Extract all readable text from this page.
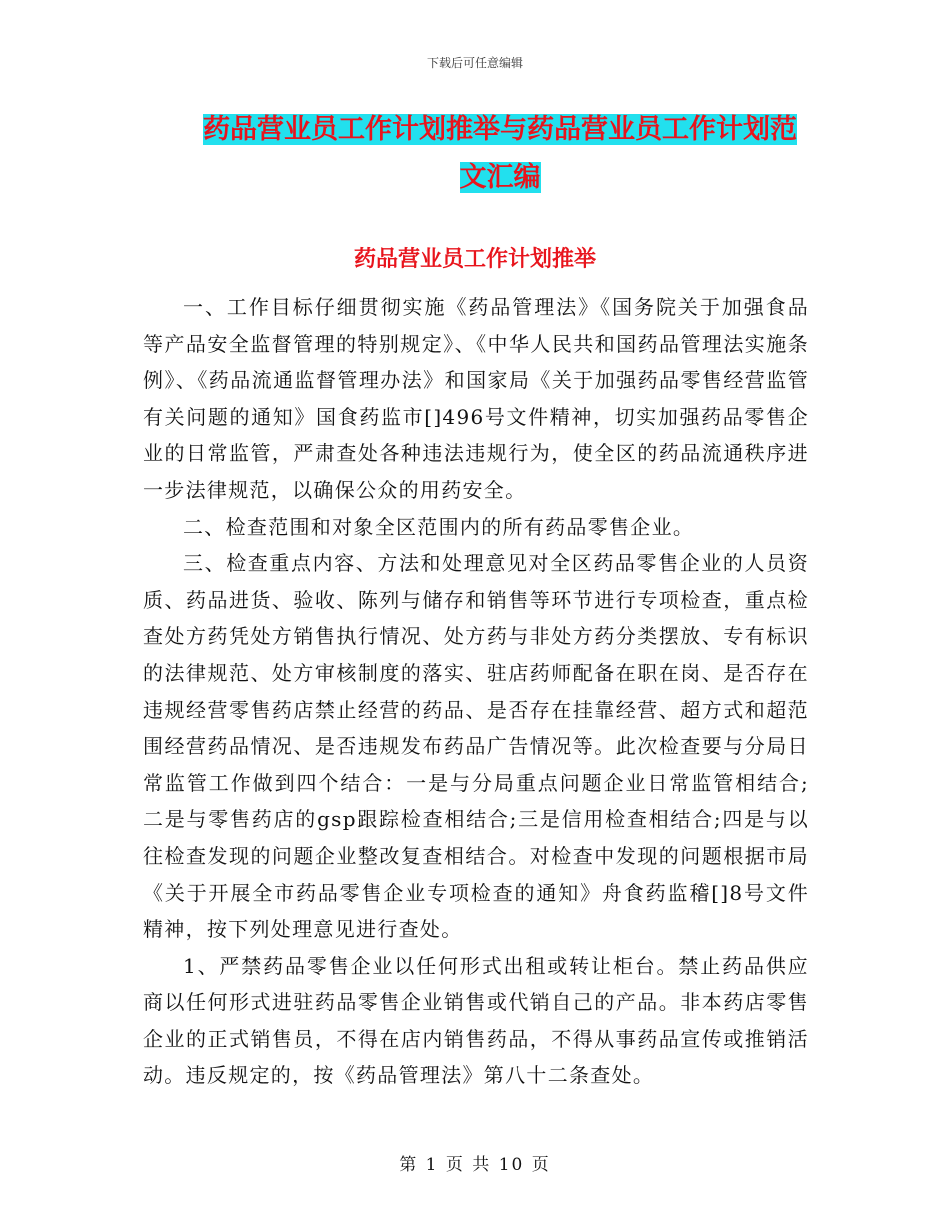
下载后可任意编辑
药品营业员工作计划推举与药品营业员工作计划范文汇编
药品营业员工作计划推举

一、工作目标仔细贯彻实施《药品管理法》《国务院关于加强食品等产品安全监督管理的特别规定》、《中华人民共和国药品管理法实施条例》、《药品流通监督管理办法》和国家局《关于加强药品零售经营监管有关问题的通知》国食药监市[]496号文件精神，切实加强药品零售企业的日常监管，严肃查处各种违法违规行为，使全区的药品流通秩序进一步法律规范，以确保公众的用药安全。

二、检查范围和对象全区范围内的所有药品零售企业。

三、检查重点内容、方法和处理意见对全区药品零售企业的人员资质、药品进货、验收、陈列与储存和销售等环节进行专项检查，重点检查处方药凭处方销售执行情况、处方药与非处方药分类摆放、专有标识的法律规范、处方审核制度的落实、驻店药师配备在职在岗、是否存在违规经营零售药店禁止经营的药品、是否存在挂靠经营、超方式和超范围经营药品情况、是否违规发布药品广告情况等。此次检查要与分局日常监管工作做到四个结合：一是与分局重点问题企业日常监管相结合;二是与零售药店的gsp跟踪检查相结合;三是信用检查相结合;四是与以往检查发现的问题企业整改复查相结合。对检查中发现的问题根据市局《关于开展全市药品零售企业专项检查的通知》舟食药监稽[]8号文件精神，按下列处理意见进行查处。

1、严禁药品零售企业以任何形式出租或转让柜台。禁止药品供应商以任何形式进驻药品零售企业销售或代销自己的产品。非本药店零售企业的正式销售员，不得在店内销售药品，不得从事药品宣传或推销活动。违反规定的，按《药品管理法》第八十二条查处。

第 1 页 共 10 页
